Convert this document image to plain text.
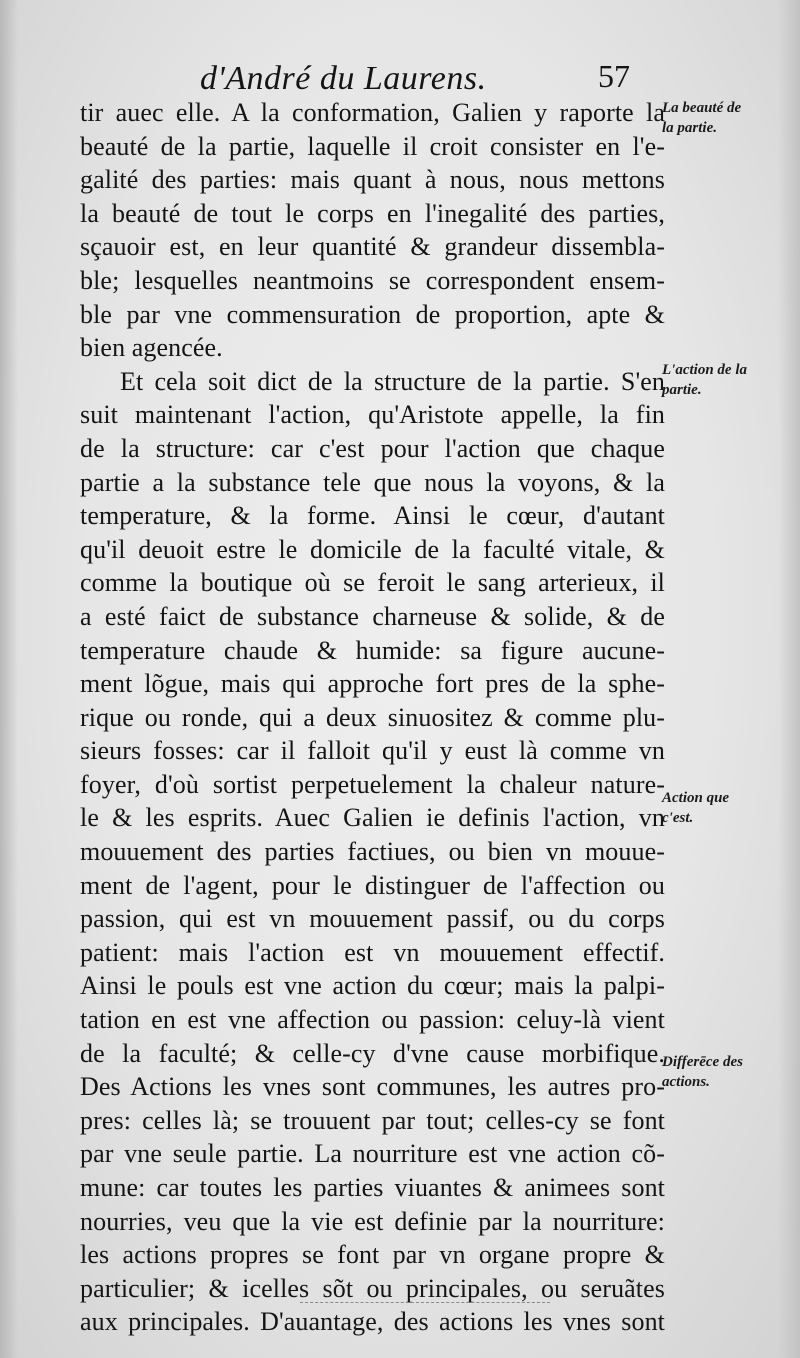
d'André du Laurens.	57
tir auec elle. A la conformation, Galien y raporte la
beauté de la partie, laquelle il croit consister en l'e-
galité des parties: mais quant à nous, nous mettons
la beauté de tout le corps en l'inegalité des parties,
sçauoir est, en leur quantité & grandeur dissembla-
ble; lesquelles neantmoins se correspondent ensem-
ble par vne commensuration de proportion, apte &
bien agencée.
Et cela soit dict de la structure de la partie. S'en
suit maintenant l'action, qu'Aristote appelle, la fin
de la structure: car c'est pour l'action que chaque
partie a la substance tele que nous la voyons, & la
temperature, & la forme. Ainsi le cœur, d'autant
qu'il deuoit estre le domicile de la faculté vitale, &
comme la boutique où se feroit le sang arterieux, il
a esté faict de substance charneuse & solide, & de
temperature chaude & humide: sa figure aucune-
ment lõgue, mais qui approche fort pres de la sphe-
rique ou ronde, qui a deux sinuositez & comme plu-
sieurs fosses: car il falloit qu'il y eust là comme vn
foyer, d'où sortist perpetuelement la chaleur nature-
le & les esprits. Auec Galien ie definis l'action, vn
mouuement des parties factiues, ou bien vn mouue-
ment de l'agent, pour le distinguer de l'affection ou
passion, qui est vn mouuement passif, ou du corps
patient: mais l'action est vn mouuement effectif.
Ainsi le pouls est vne action du cœur; mais la palpi-
tation en est vne affection ou passion: celuy-là vient
de la faculté; & celle-cy d'vne cause morbifique.
Des Actions les vnes sont communes, les autres pro-
pres: celles là; se trouuent par tout; celles-cy se font
par vne seule partie. La nourriture est vne action cõ-
mune: car toutes les parties viuantes & animees sont
nourries, veu que la vie est definie par la nourriture:
les actions propres se font par vn organe propre &
particulier; & icelles sõt ou principales, ou seruãtes
aux principales. D'auantage, des actions les vnes sont
La beauté de
la partie.
L'action de la
partie.
Action que
c'est.
Differēce des
actions.
